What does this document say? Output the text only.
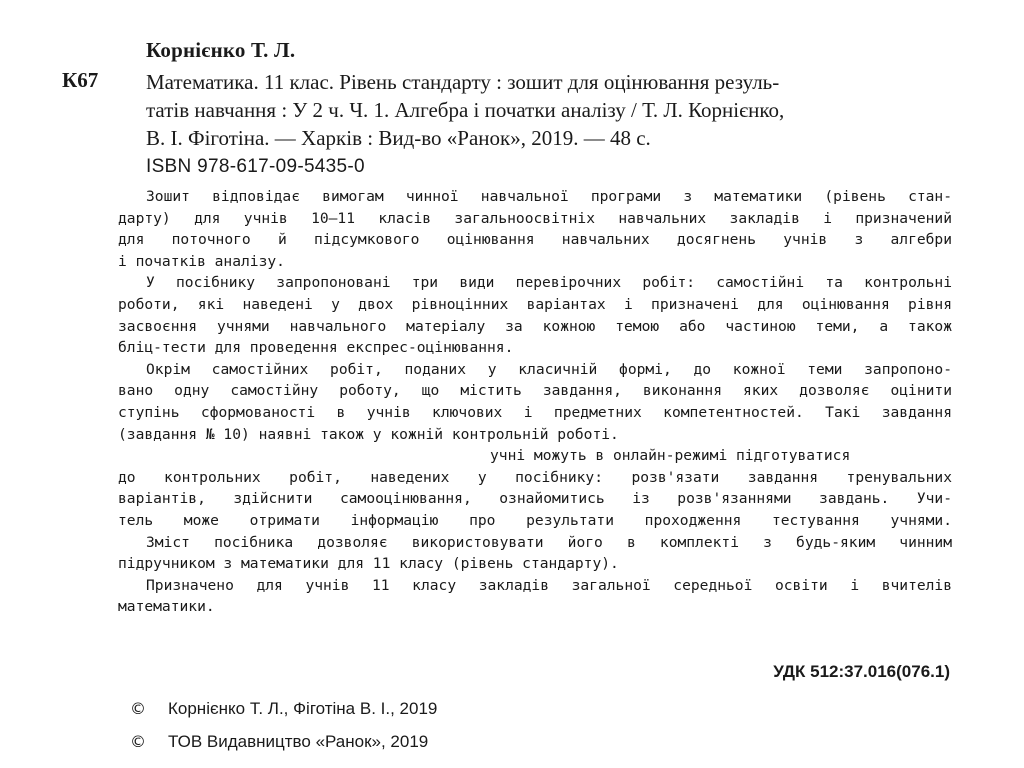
Корнієнко Т. Л.
К67 Математика. 11 клас. Рівень стандарту : зошит для оцінювання резуль-
татів навчання : У 2 ч. Ч. 1. Алгебра і початки аналізу / Т. Л. Корнієнко,
В. І. Фіготіна. — Харків : Вид-во «Ранок», 2019. — 48 с.
ISBN 978-617-09-5435-0
Зошит відповідає вимогам чинної навчальної програми з математики (рівень стан-
дарту) для учнів 10–11 класів загальноосвітніх навчальних закладів і призначений
для поточного й підсумкового оцінювання навчальних досягнень учнів з алгебри
і початків аналізу.
У посібнику запропоновані три види перевірочних робіт: самостійні та контрольні
роботи, які наведені у двох рівноцінних варіантах і призначені для оцінювання рівня
засвоєння учнями навчального матеріалу за кожною темою або частиною теми, а також
бліц-тести для проведення експрес-оцінювання.
Окрім самостійних робіт, поданих у класичній формі, до кожної теми запропоно-
вано одну самостійну роботу, що містить завдання, виконання яких дозволяє оцінити
ступінь сформованості в учнів ключових і предметних компетентностей. Такі завдання
(завдання № 10) наявні також у кожній контрольній роботі.
учні можуть в онлайн-режимі підготуватися
до контрольних робіт, наведених у посібнику: розв'язати завдання тренувальних
варіантів, здійснити самооцінювання, ознайомитись із розв'язаннями завдань. Учи-
тель може отримати інформацію про результати проходження тестування учнями.
Зміст посібника дозволяє використовувати його в комплекті з будь-яким чинним
підручником з математики для 11 класу (рівень стандарту).
Призначено для учнів 11 класу закладів загальної середньої освіти і вчителів
математики.
УДК 512:37.016(076.1)
©	Корнієнко Т. Л., Фіготіна В. І., 2019
©	ТОВ Видавництво «Ранок», 2019
